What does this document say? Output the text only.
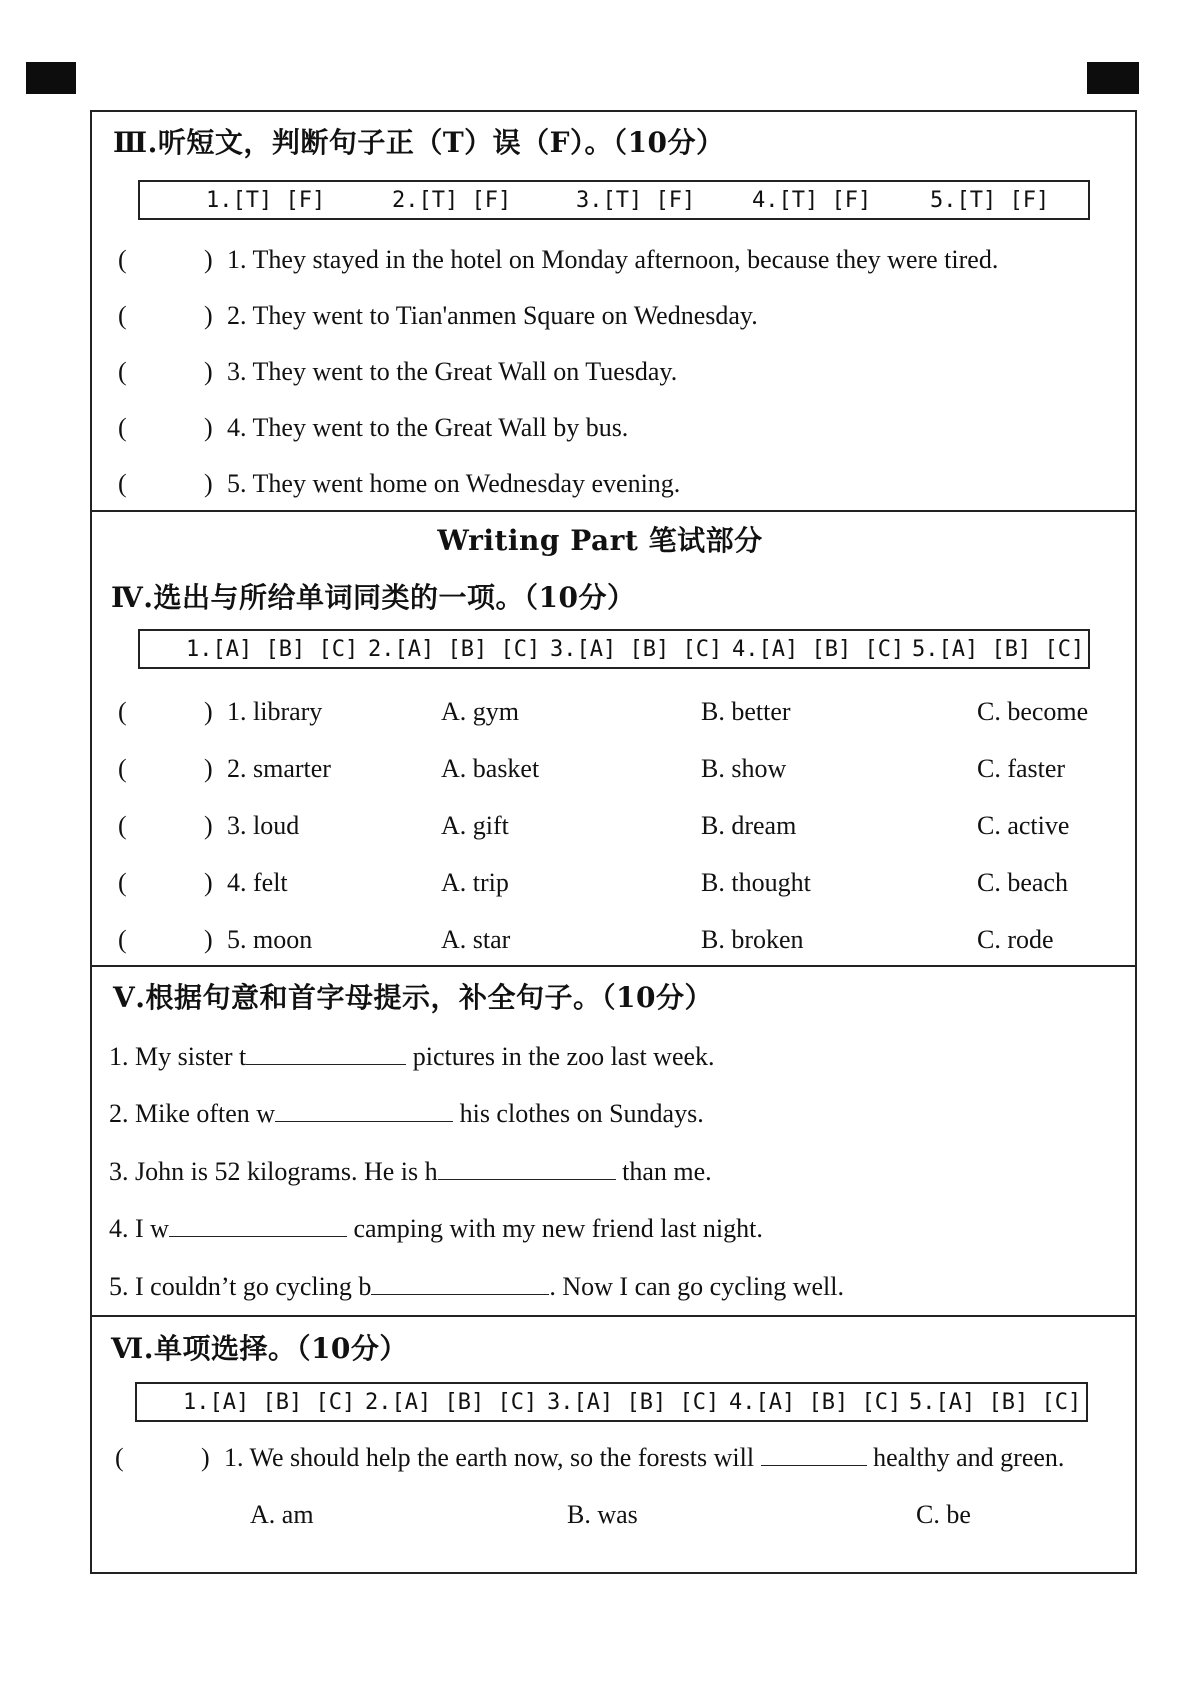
Ⅲ.听短文，判断句子正（T）误（F）。（10分）
1.[T] [F]	2.[T] [F]	3.[T] [F]	4.[T] [F]	5.[T] [F]
(	) 1. They stayed in the hotel on Monday afternoon, because they were tired.
(	) 2. They went to Tian'anmen Square on Wednesday.
(	) 3. They went to the Great Wall on Tuesday.
(	) 4. They went to the Great Wall by bus.
(	) 5. They went home on Wednesday evening.
Writing Part 笔试部分
Ⅳ.选出与所给单词同类的一项。（10分）
1.[A] [B] [C] 2.[A] [B] [C] 3.[A] [B] [C] 4.[A] [B] [C] 5.[A] [B] [C]
(	) 1. library	A. gym	B. better	C. become
(	) 2. smarter	A. basket	B. show	C. faster
(	) 3. loud	A. gift	B. dream	C. active
(	) 4. felt	A. trip	B. thought	C. beach
(	) 5. moon	A. star	B. broken	C. rode
Ⅴ.根据句意和首字母提示，补全句子。（10分）
1. My sister t	pictures in the zoo last week.
2. Mike often w	his clothes on Sundays.
3. John is 52 kilograms. He is h	than me.
4. I w	camping with my new friend last night.
5. I couldn’t go cycling b	. Now I can go cycling well.
Ⅵ.单项选择。（10分）
1.[A] [B] [C] 2.[A] [B] [C] 3.[A] [B] [C] 4.[A] [B] [C] 5.[A] [B] [C]
(	) 1. We should help the earth now, so the forests will	healthy and green.
A. am	B. was	C. be
